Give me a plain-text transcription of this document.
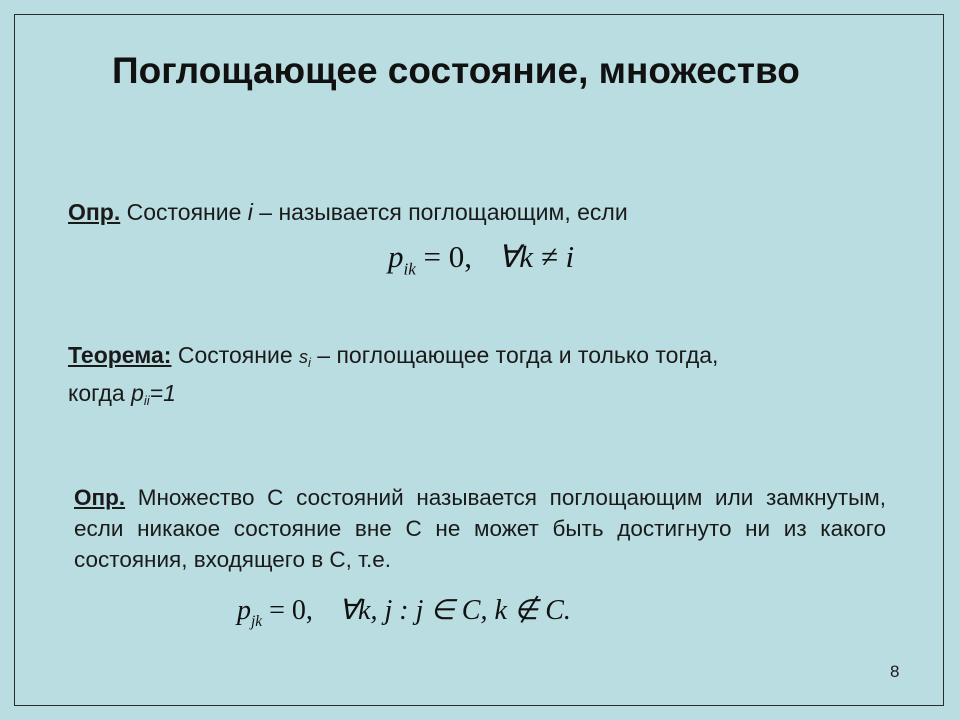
Поглощающее состояние, множество
Опр. Состояние i – называется поглощающим, если
$p_{ik} = 0$, ∀k ≠ i
Теорема: Состояние si – поглощающее тогда и только тогда,
когда pii=1
Опр. Множество С состояний называется поглощающим или замкнутым, если никакое состояние вне С не может быть достигнуто ни из какого состояния, входящего в С, т.е.
$p_{jk} = 0$, ∀k, j : j ∈ C, k ∉ C.
8
